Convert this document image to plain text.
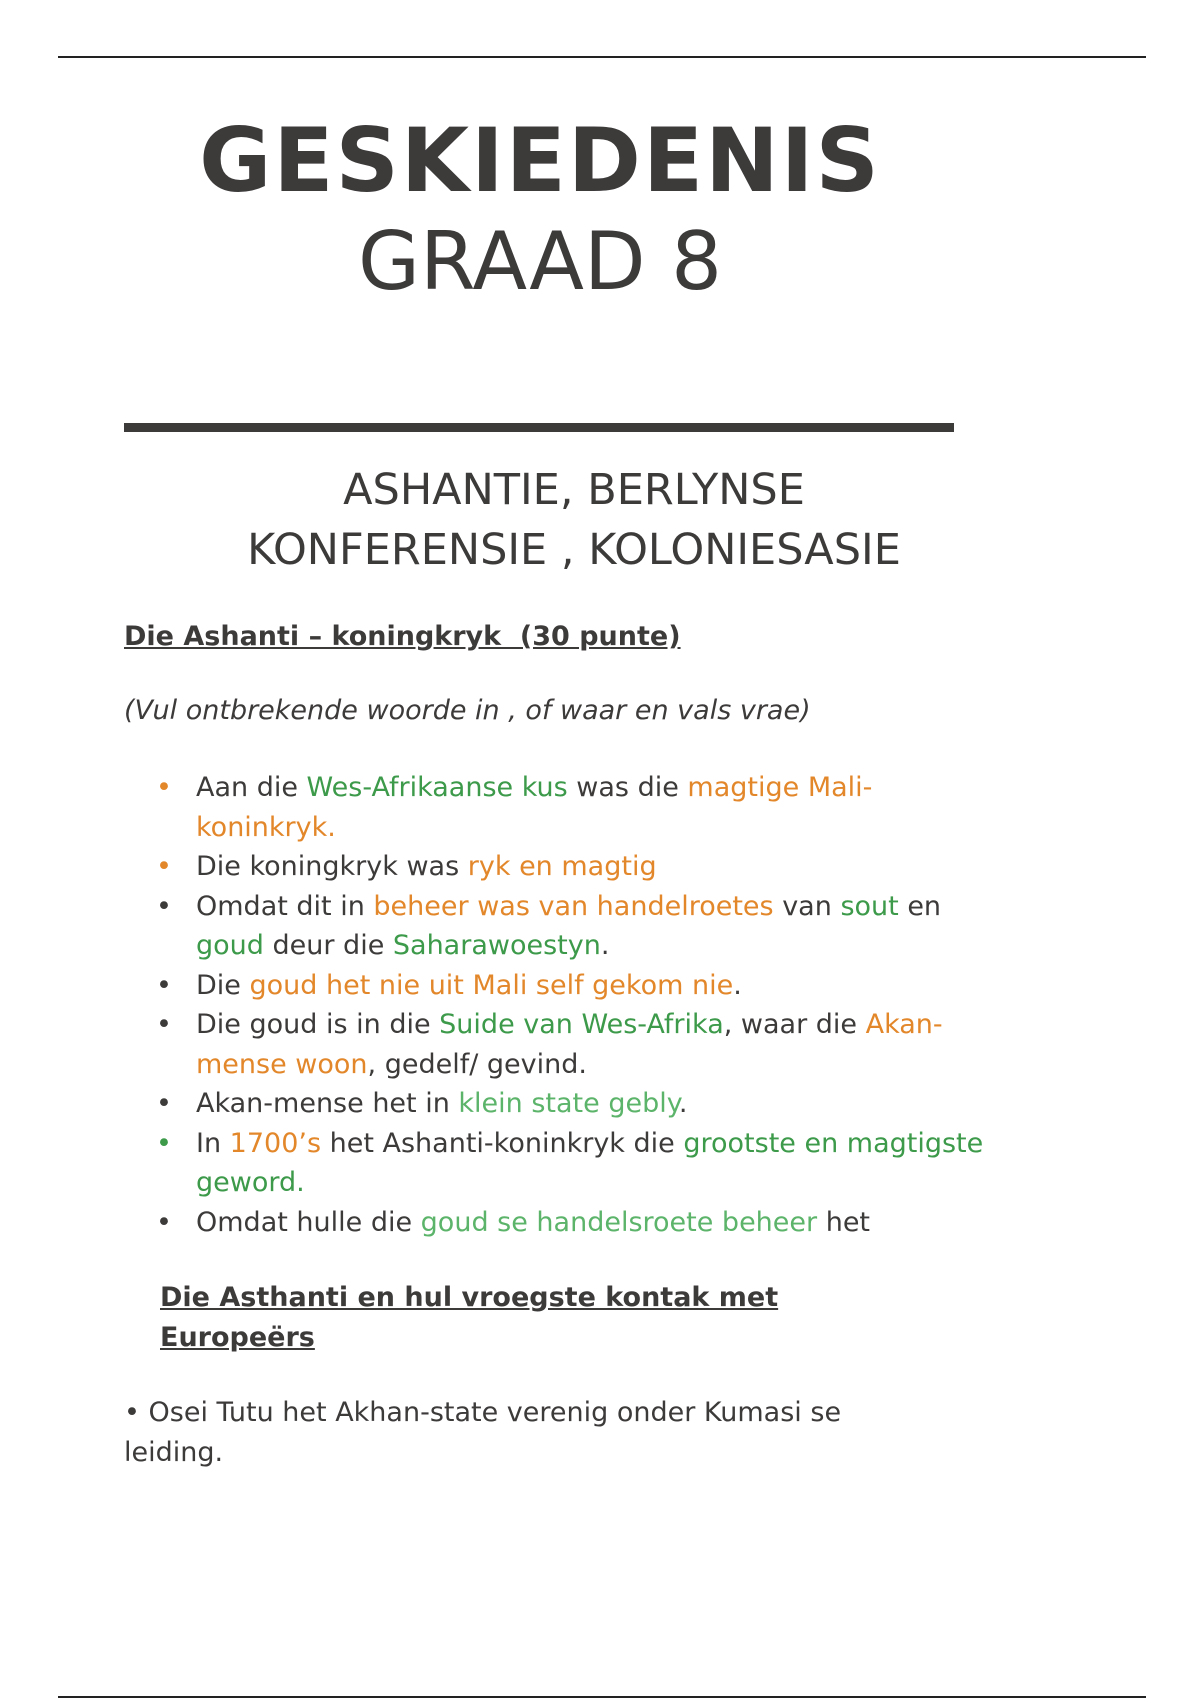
GESKIEDENIS
GRAAD 8
ASHANTIE, BERLYNSE
KONFERENSIE , KOLONIESASIE
Die Ashanti – koningkryk  (30 punte)
(Vul ontbrekende woorde in , of waar en vals vrae)
• Aan die Wes-Afrikaanse kus was die magtige Mali-koninkryk.
• Die koningkryk was ryk en magtig
• Omdat dit in beheer was van handelroetes van sout en goud deur die Saharawoestyn.
• Die goud het nie uit Mali self gekom nie.
• Die goud is in die Suide van Wes-Afrika, waar die Akan-mense woon, gedelf/ gevind.
• Akan-mense het in klein state gebly.
• In 1700’s het Ashanti-koninkryk die grootste en magtigste geword.
• Omdat hulle die goud se handelsroete beheer het
Die Asthanti en hul vroegste kontak met Europeërs
• Osei Tutu het Akhan-state verenig onder Kumasi se leiding.
